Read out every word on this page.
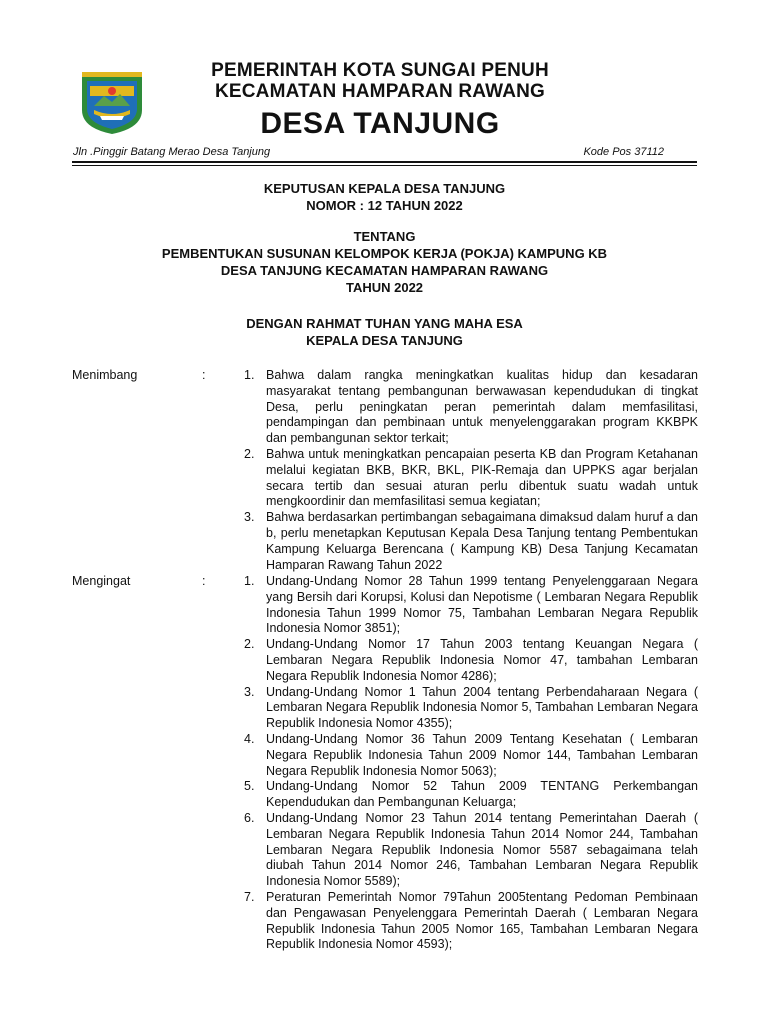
PEMERINTAH KOTA SUNGAI PENUH
KECAMATAN HAMPARAN RAWANG
DESA TANJUNG
Jln .Pinggir Batang Merao Desa Tanjung	Kode Pos 37112
KEPUTUSAN KEPALA DESA TANJUNG
NOMOR : 12 TAHUN 2022
TENTANG
PEMBENTUKAN SUSUNAN KELOMPOK KERJA (POKJA) KAMPUNG KB
DESA TANJUNG KECAMATAN HAMPARAN RAWANG
TAHUN 2022
DENGAN RAHMAT TUHAN YANG MAHA ESA
KEPALA DESA TANJUNG
Menimbang	:	1. Bahwa dalam rangka meningkatkan kualitas hidup dan kesadaran masyarakat tentang pembangunan berwawasan kependudukan di tingkat Desa, perlu peningkatan peran pemerintah dalam memfasilitasi, pendampingan dan pembinaan untuk menyelenggarakan program KKBPK dan pembangunan sektor terkait;
2. Bahwa untuk meningkatkan pencapaian peserta KB dan Program Ketahanan melalui kegiatan BKB, BKR, BKL, PIK-Remaja dan UPPKS agar berjalan secara tertib dan sesuai aturan perlu dibentuk suatu wadah untuk mengkoordinir dan memfasilitasi semua kegiatan;
3. Bahwa berdasarkan pertimbangan sebagaimana dimaksud dalam huruf a dan b, perlu menetapkan Keputusan Kepala Desa Tanjung tentang Pembentukan Kampung Keluarga Berencana ( Kampung KB) Desa Tanjung Kecamatan Hamparan Rawang Tahun 2022
Mengingat	:	1. Undang-Undang Nomor 28 Tahun 1999 tentang Penyelenggaraan Negara yang Bersih dari Korupsi, Kolusi dan Nepotisme ( Lembaran Negara Republik Indonesia Tahun 1999 Nomor 75, Tambahan Lembaran Negara Republik Indonesia Nomor 3851);
2. Undang-Undang Nomor 17 Tahun 2003 tentang Keuangan Negara ( Lembaran Negara Republik Indonesia Nomor 47, tambahan Lembaran Negara Republik Indonesia Nomor 4286);
3. Undang-Undang Nomor 1 Tahun 2004 tentang Perbendaharaan Negara ( Lembaran Negara Republik Indonesia Nomor 5, Tambahan Lembaran Negara Republik Indonesia Nomor 4355);
4. Undang-Undang Nomor 36 Tahun 2009 Tentang Kesehatan ( Lembaran Negara Republik Indonesia Tahun 2009 Nomor 144, Tambahan Lembaran Negara Republik Indonesia Nomor 5063);
5. Undang-Undang Nomor 52 Tahun 2009 TENTANG Perkembangan Kependudukan dan Pembangunan Keluarga;
6. Undang-Undang Nomor 23 Tahun 2014 tentang Pemerintahan Daerah ( Lembaran Negara Republik Indonesia Tahun 2014 Nomor 244, Tambahan Lembaran Negara Republik Indonesia Nomor 5587 sebagaimana telah diubah Tahun 2014 Nomor 246, Tambahan Lembaran Negara Republik Indonesia Nomor 5589);
7. Peraturan Pemerintah Nomor 79Tahun 2005tentang Pedoman Pembinaan dan Pengawasan Penyelenggara Pemerintah Daerah ( Lembaran Negara Republik Indonesia Tahun 2005 Nomor 165, Tambahan Lembaran Negara Republik Indonesia Nomor 4593);
